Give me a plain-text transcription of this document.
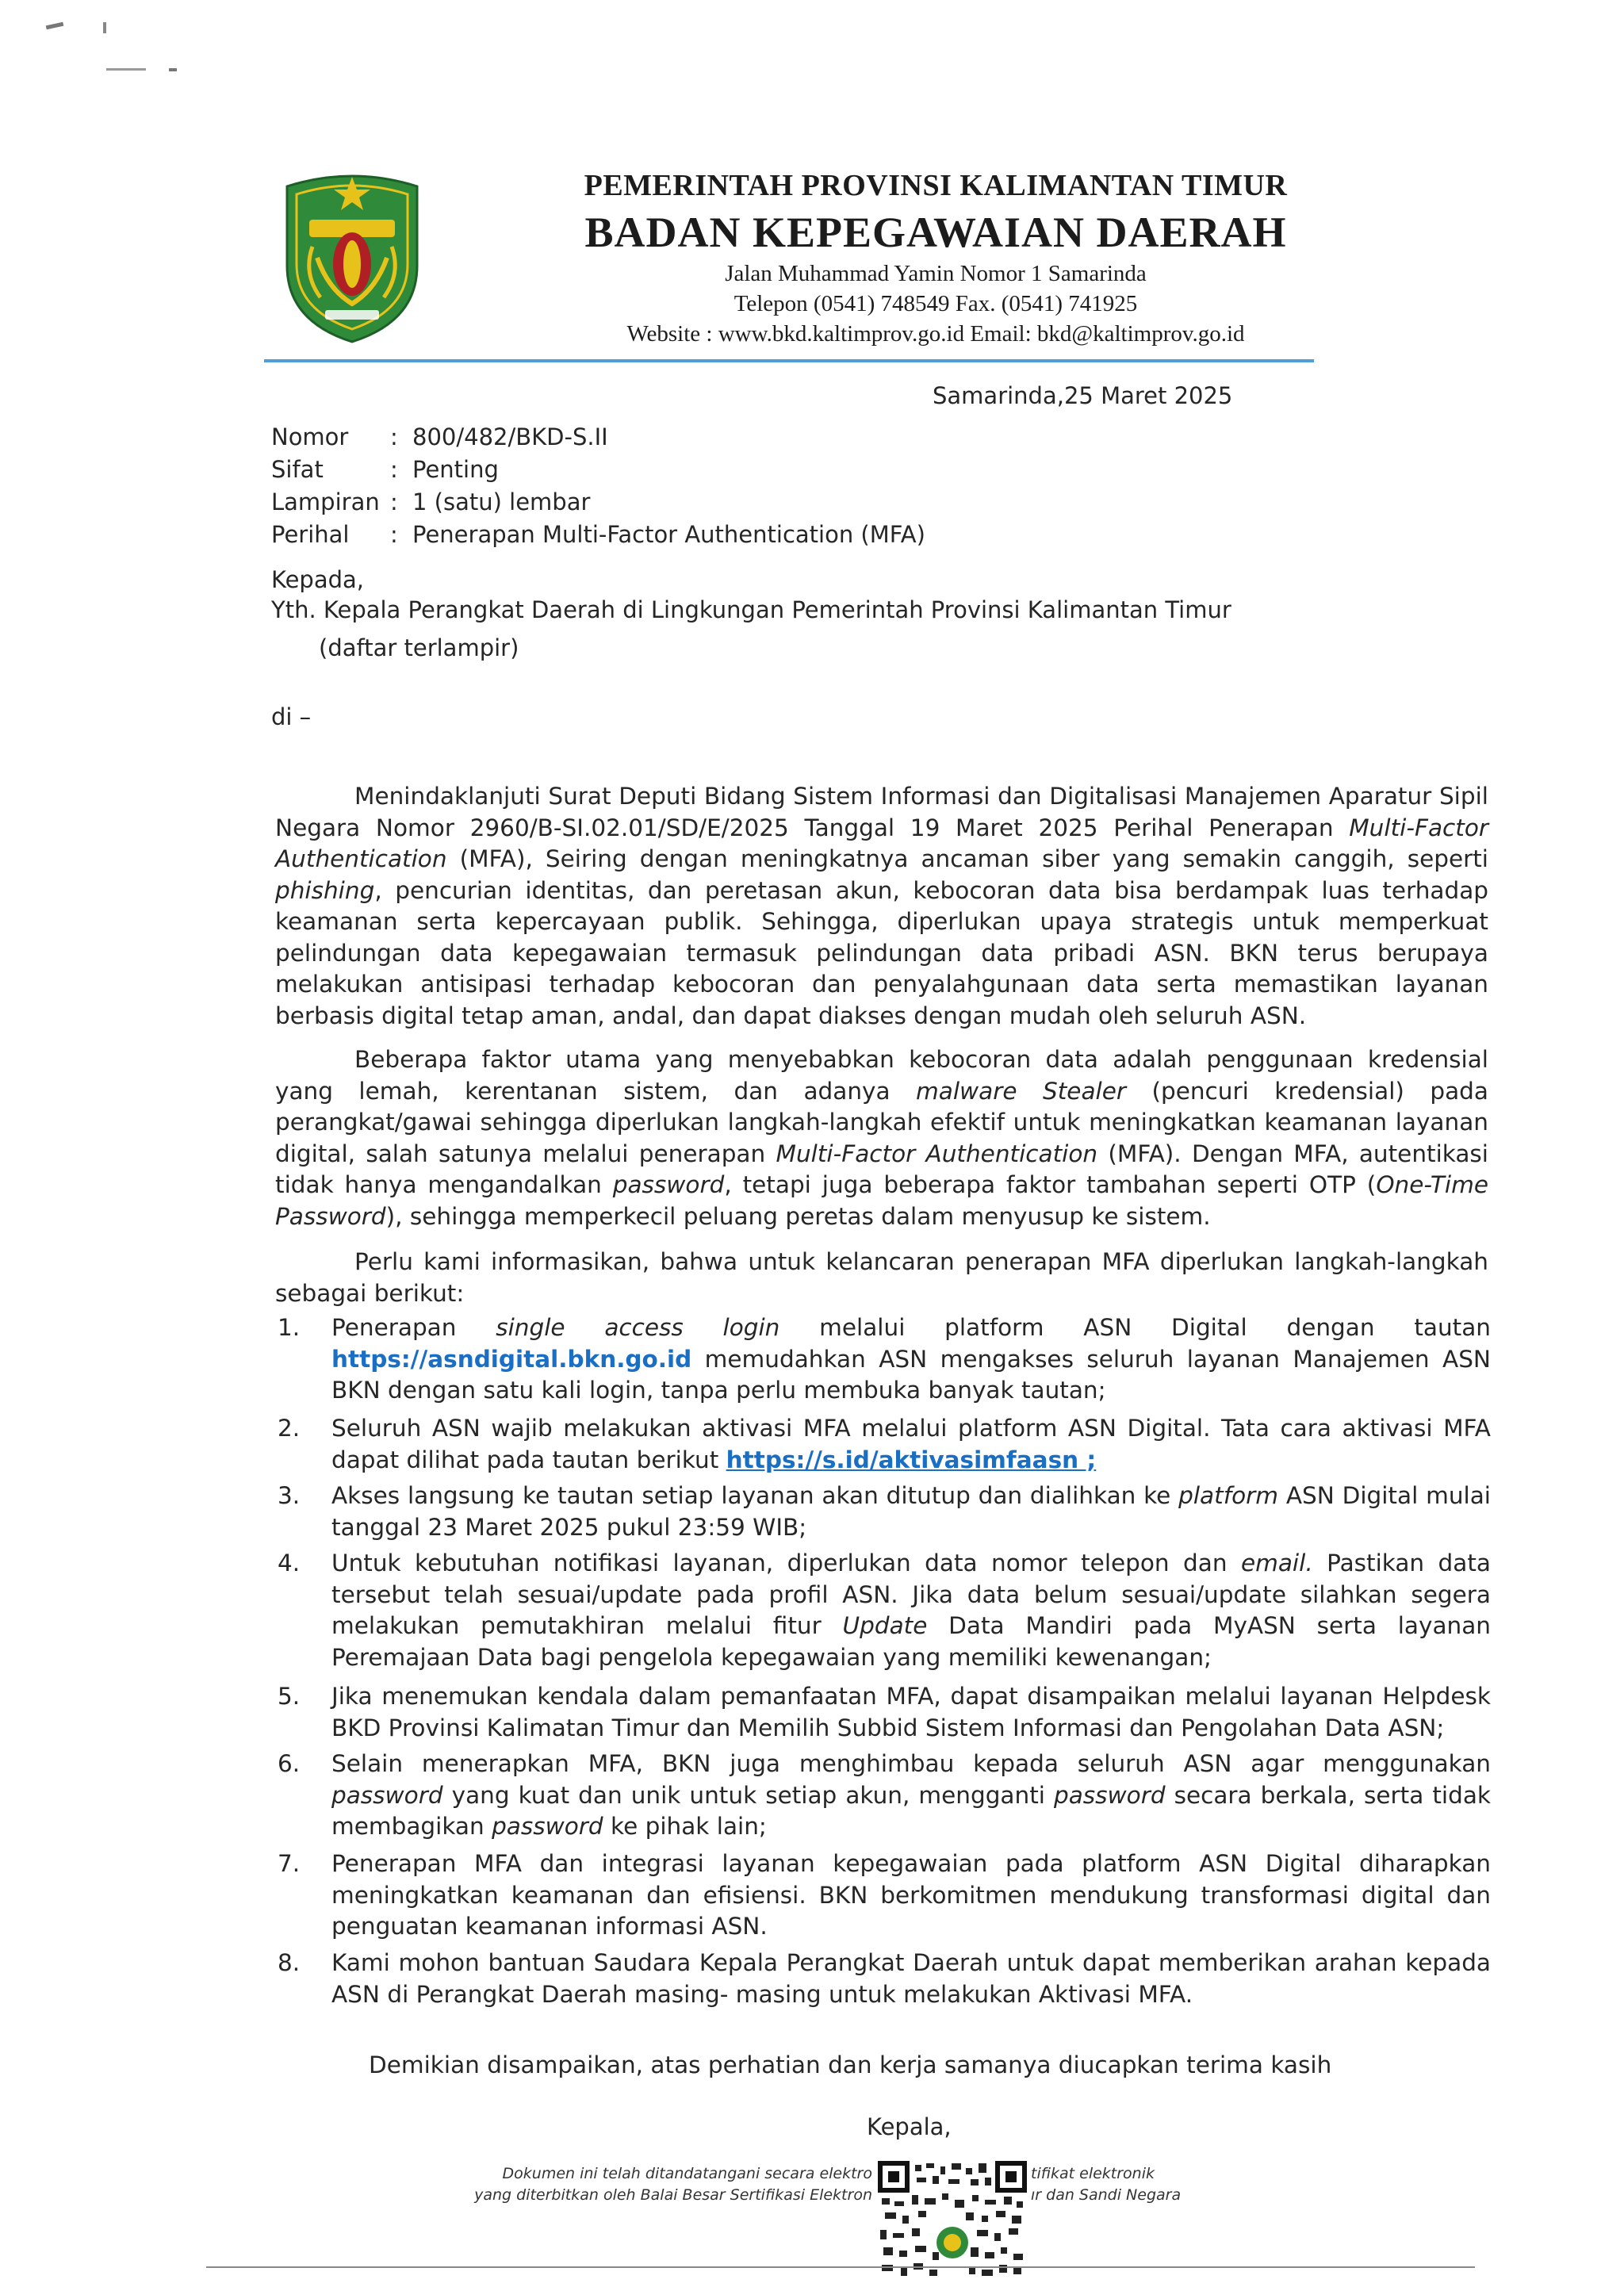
PEMERINTAH PROVINSI KALIMANTAN TIMUR
BADAN KEPEGAWAIAN DAERAH
Jalan Muhammad Yamin Nomor 1 Samarinda
Telepon (0541) 748549 Fax. (0541) 741925
Website : www.bkd.kaltimprov.go.id Email: bkd@kaltimprov.go.id
Samarinda,25 Maret 2025
Nomor : 800/482/BKD-S.II
Sifat	: Penting
Lampiran : 1 (satu) lembar
Perihal : Penerapan Multi-Factor Authentication (MFA)
Kepada,
Yth. Kepala Perangkat Daerah di Lingkungan Pemerintah Provinsi Kalimantan Timur
(daftar terlampir)
di –
Menindaklanjuti Surat Deputi Bidang Sistem Informasi dan Digitalisasi Manajemen Aparatur Sipil Negara Nomor 2960/B-SI.02.01/SD/E/2025 Tanggal 19 Maret 2025 Perihal Penerapan Multi-Factor Authentication (MFA), Seiring dengan meningkatnya ancaman siber yang semakin canggih, seperti phishing, pencurian identitas, dan peretasan akun, kebocoran data bisa berdampak luas terhadap keamanan serta kepercayaan publik. Sehingga, diperlukan upaya strategis untuk memperkuat pelindungan data kepegawaian termasuk pelindungan data pribadi ASN. BKN terus berupaya melakukan antisipasi terhadap kebocoran dan penyalahgunaan data serta memastikan layanan berbasis digital tetap aman, andal, dan dapat diakses dengan mudah oleh seluruh ASN.
Beberapa faktor utama yang menyebabkan kebocoran data adalah penggunaan kredensial yang lemah, kerentanan sistem, dan adanya malware Stealer (pencuri kredensial) pada perangkat/gawai sehingga diperlukan langkah-langkah efektif untuk meningkatkan keamanan layanan digital, salah satunya melalui penerapan Multi-Factor Authentication (MFA). Dengan MFA, autentikasi tidak hanya mengandalkan password, tetapi juga beberapa faktor tambahan seperti OTP (One-Time Password), sehingga memperkecil peluang peretas dalam menyusup ke sistem.
Perlu kami informasikan, bahwa untuk kelancaran penerapan MFA diperlukan langkah-langkah sebagai berikut:
1.	Penerapan single access login melalui platform ASN Digital dengan tautan https://asndigital.bkn.go.id memudahkan ASN mengakses seluruh layanan Manajemen ASN BKN dengan satu kali login, tanpa perlu membuka banyak tautan;
2.	Seluruh ASN wajib melakukan aktivasi MFA melalui platform ASN Digital. Tata cara aktivasi MFA dapat dilihat pada tautan berikut https://s.id/aktivasimfaasn ;
3.	Akses langsung ke tautan setiap layanan akan ditutup dan dialihkan ke platform ASN Digital mulai tanggal 23 Maret 2025 pukul 23:59 WIB;
4.	Untuk kebutuhan notifikasi layanan, diperlukan data nomor telepon dan email. Pastikan data tersebut telah sesuai/update pada profil ASN. Jika data belum sesuai/update silahkan segera melakukan pemutakhiran melalui fitur Update Data Mandiri pada MyASN serta layanan Peremajaan Data bagi pengelola kepegawaian yang memiliki kewenangan;
5.	Jika menemukan kendala dalam pemanfaatan MFA, dapat disampaikan melalui layanan Helpdesk BKD Provinsi Kalimatan Timur dan Memilih Subbid Sistem Informasi dan Pengolahan Data ASN;
6.	Selain menerapkan MFA, BKN juga menghimbau kepada seluruh ASN agar menggunakan password yang kuat dan unik untuk setiap akun, mengganti password secara berkala, serta tidak membagikan password ke pihak lain;
7.	Penerapan MFA dan integrasi layanan kepegawaian pada platform ASN Digital diharapkan meningkatkan keamanan dan efisiensi. BKN berkomitmen mendukung transformasi digital dan penguatan keamanan informasi ASN.
8.	Kami mohon bantuan Saudara Kepala Perangkat Daerah untuk dapat memberikan arahan kepada ASN di Perangkat Daerah masing- masing untuk melakukan Aktivasi MFA.
Demikian disampaikan, atas perhatian dan kerja samanya diucapkan terima kasih
Kepala,
Dokumen ini telah ditandatangani secara elektro
yang diterbitkan oleh Balai Besar Sertifikasi Elektron
tifikat elektronik
ır dan Sandi Negara
